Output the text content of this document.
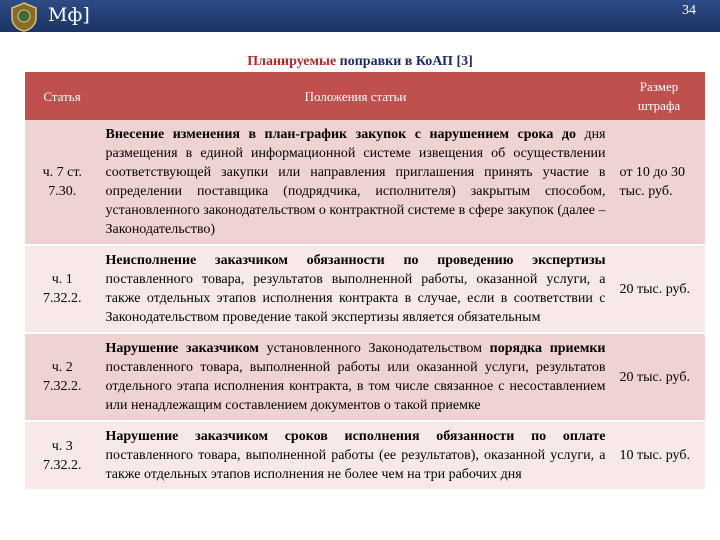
Мф]	34
Планируемые поправки в КоАП [3]
Статья	Положения статьи	Размер штрафа
ч. 7 ст. 7.30.	Внесение изменения в план-график закупок с нарушением срока до дня размещения в единой информационной системе извещения об осуществлении соответствующей закупки или направления приглашения принять участие в определении поставщика (подрядчика, исполнителя) закрытым способом, установленного законодательством о контрактной системе в сфере закупок (далее – Законодательство)	от 10 до 30 тыс. руб.
ч. 1 7.32.2.	Неисполнение заказчиком обязанности по проведению экспертизы поставленного товара, результатов выполненной работы, оказанной услуги, а также отдельных этапов исполнения контракта в случае, если в соответствии с Законодательством проведение такой экспертизы является обязательным	20 тыс. руб.
ч. 2 7.32.2.	Нарушение заказчиком установленного Законодательством порядка приемки поставленного товара, выполненной работы или оказанной услуги, результатов отдельного этапа исполнения контракта, в том числе связанное с несоставлением или ненадлежащим составлением документов о такой приемке	20 тыс. руб.
ч. 3 7.32.2.	Нарушение заказчиком сроков исполнения обязанности по оплате поставленного товара, выполненной работы (ее результатов), оказанной услуги, а также отдельных этапов исполнения не более чем на три рабочих дня	10 тыс. руб.
